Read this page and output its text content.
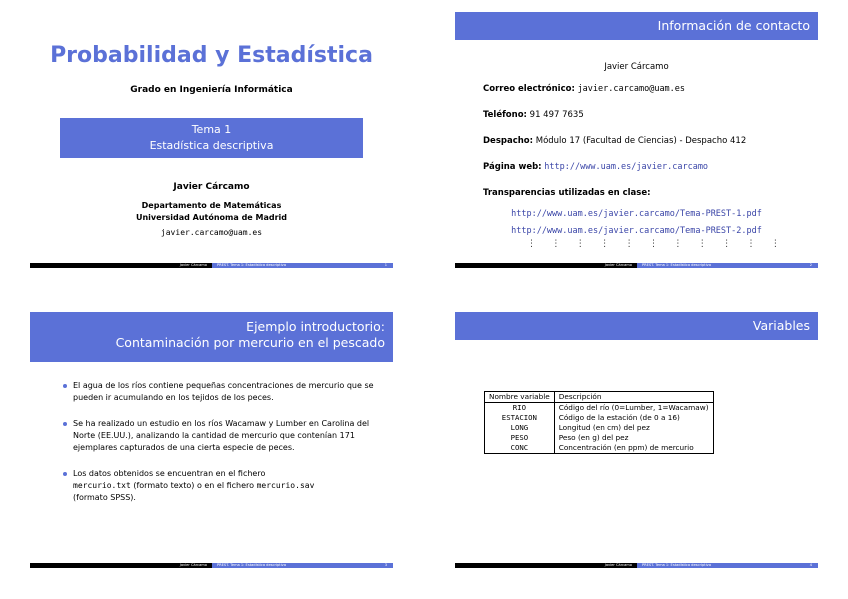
Probabilidad y Estadística
Grado en Ingeniería Informática
Tema 1
Estadística descriptiva
Javier Cárcamo
Departamento de Matemáticas
Universidad Autónoma de Madrid
javier.carcamo@uam.es
Javier Cárcamo	PREST. Tema 1: Estadística descriptiva	1
Información de contacto
Javier Cárcamo
Correo electrónico: javier.carcamo@uam.es
Teléfono: 91 497 7635
Despacho: Módulo 17 (Facultad de Ciencias) - Despacho 412
Página web: http://www.uam.es/javier.carcamo
Transparencias utilizadas en clase:
http://www.uam.es/javier.carcamo/Tema-PREST-1.pdf
http://www.uam.es/javier.carcamo/Tema-PREST-2.pdf
⋮ ⋮ ⋮ ⋮ ⋮ ⋮ ⋮ ⋮ ⋮ ⋮ ⋮
Javier Cárcamo	PREST. Tema 1: Estadística descriptiva	2
Ejemplo introductorio:
Contaminación por mercurio en el pescado
El agua de los ríos contiene pequeñas concentraciones de mercurio que se pueden ir acumulando en los tejidos de los peces.
Se ha realizado un estudio en los ríos Wacamaw y Lumber en Carolina del Norte (EE.UU.), analizando la cantidad de mercurio que contenían 171 ejemplares capturados de una cierta especie de peces.
Los datos obtenidos se encuentran en el fichero
mercurio.txt (formato texto) o en el fichero mercurio.sav
(formato SPSS).
Javier Cárcamo	PREST. Tema 1: Estadística descriptiva	3
Variables
Nombre variable	Descripción
RIO	Código del río (0=Lumber, 1=Wacamaw)
ESTACION	Código de la estación (de 0 a 16)
LONG	Longitud (en cm) del pez
PESO	Peso (en g) del pez
CONC	Concentración (en ppm) de mercurio
Javier Cárcamo	PREST. Tema 1: Estadística descriptiva	4
